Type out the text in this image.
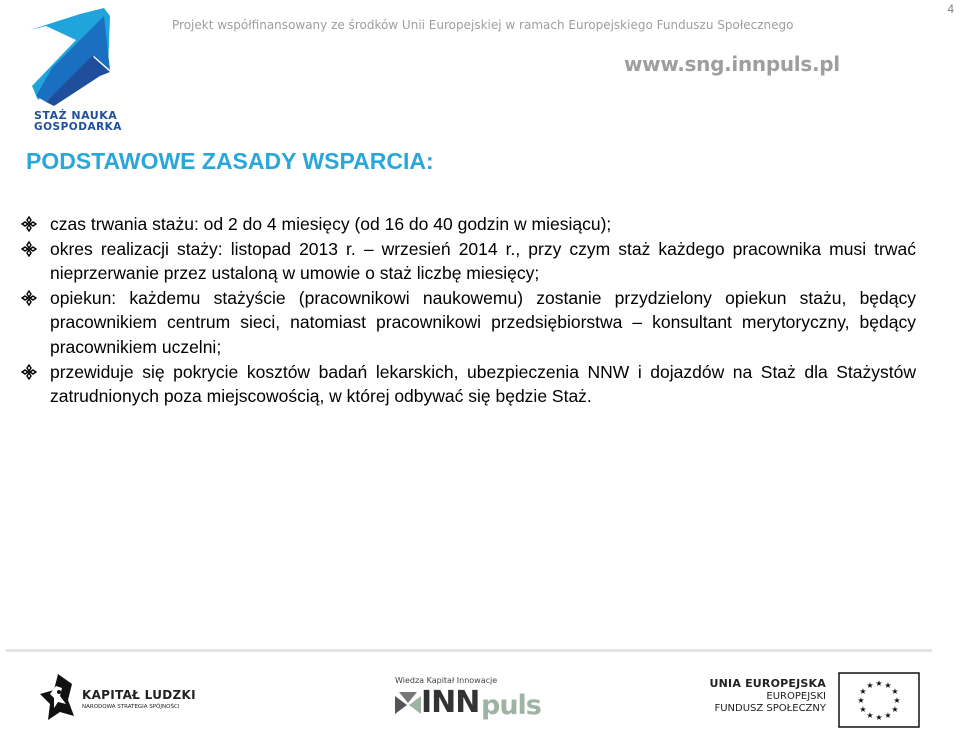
4
STAŻ NAUKA
GOSPODARKA
Projekt współfinansowany ze środków Unii Europejskiej w ramach Europejskiego Funduszu Społecznego
www.sng.innpuls.pl
PODSTAWOWE ZASADY WSPARCIA:
czas trwania stażu: od 2 do 4 miesięcy (od 16 do 40 godzin w miesiącu);
okres realizacji staży: listopad 2013 r. – wrzesień 2014 r., przy czym staż każdego pracownika musi trwać nieprzerwanie przez ustaloną w umowie o staż liczbę miesięcy;
opiekun: każdemu stażyście (pracownikowi naukowemu) zostanie przydzielony opiekun stażu, będący pracownikiem centrum sieci, natomiast pracownikowi przedsiębiorstwa – konsultant merytoryczny, będący pracownikiem uczelni;
przewiduje się pokrycie kosztów badań lekarskich, ubezpieczenia NNW i dojazdów na Staż dla Stażystów zatrudnionych poza miejscowością, w której odbywać się będzie Staż.
KAPITAŁ LUDZKI
NARODOWA STRATEGIA SPÓJNOŚCI
Wiedza Kapitał Innowacje
INN puls
UNIA EUROPEJSKA
EUROPEJSKI
FUNDUSZ SPOŁECZNY
★ ★
★
★
★
★
★
★
★
★
★
★
